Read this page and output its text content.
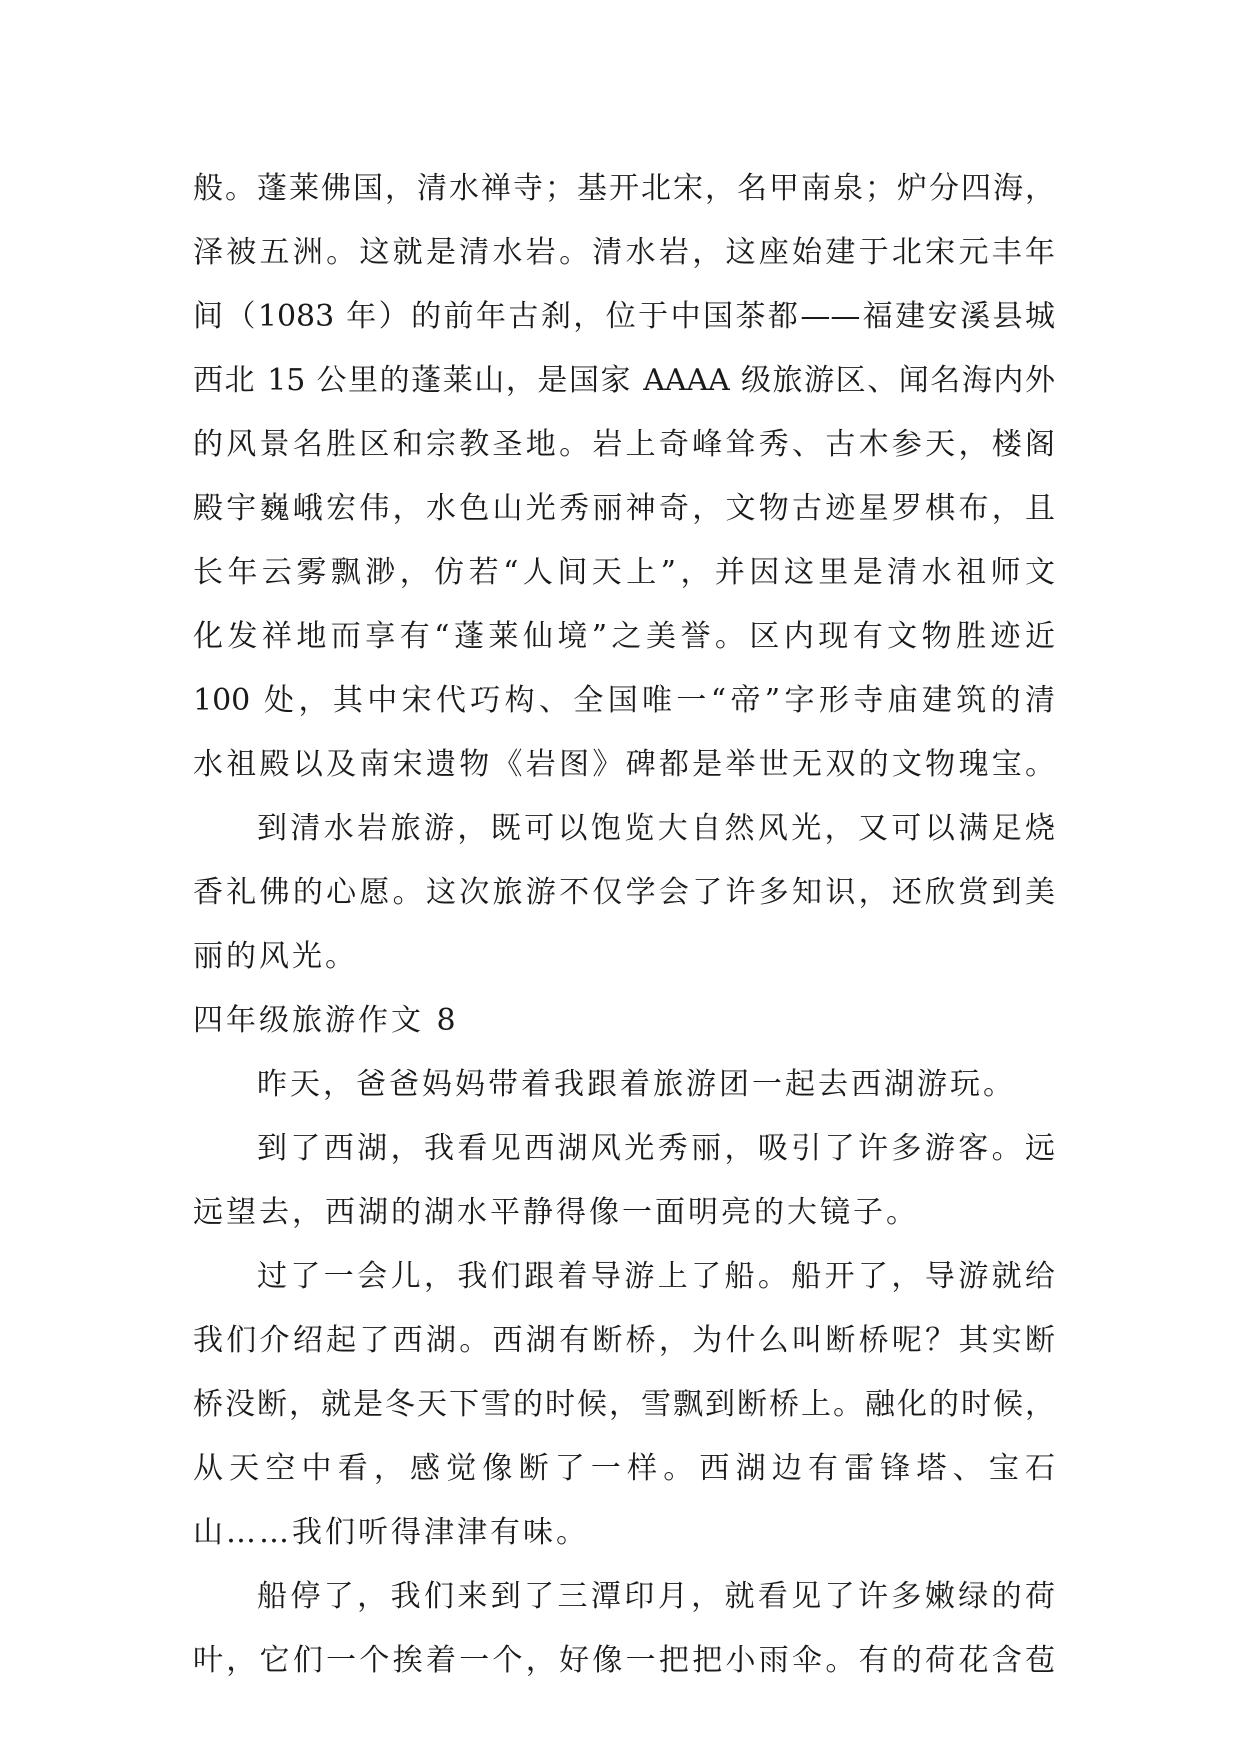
般。蓬莱佛国，清水禅寺；基开北宋，名甲南泉；炉分四海，
泽被五洲。这就是清水岩。清水岩，这座始建于北宋元丰年
间（1083 年）的前年古刹，位于中国茶都——福建安溪县城
西北 15 公里的蓬莱山，是国家 AAAA 级旅游区、闻名海内外
的风景名胜区和宗教圣地。岩上奇峰耸秀、古木参天，楼阁
殿宇巍峨宏伟，水色山光秀丽神奇，文物古迹星罗棋布，且
长年云雾飘渺，仿若“人间天上”，并因这里是清水祖师文
化发祥地而享有“蓬莱仙境”之美誉。区内现有文物胜迹近
100 处，其中宋代巧构、全国唯一“帝”字形寺庙建筑的清
水祖殿以及南宋遗物《岩图》碑都是举世无双的文物瑰宝。
到清水岩旅游，既可以饱览大自然风光，又可以满足烧
香礼佛的心愿。这次旅游不仅学会了许多知识，还欣赏到美
丽的风光。
四年级旅游作文 8
昨天，爸爸妈妈带着我跟着旅游团一起去西湖游玩。
到了西湖，我看见西湖风光秀丽，吸引了许多游客。远
远望去，西湖的湖水平静得像一面明亮的大镜子。
过了一会儿，我们跟着导游上了船。船开了，导游就给
我们介绍起了西湖。西湖有断桥，为什么叫断桥呢？其实断
桥没断，就是冬天下雪的时候，雪飘到断桥上。融化的时候，
从天空中看，感觉像断了一样。西湖边有雷锋塔、宝石
山……我们听得津津有味。
船停了，我们来到了三潭印月，就看见了许多嫩绿的荷
叶，它们一个挨着一个，好像一把把小雨伞。有的荷花含苞
